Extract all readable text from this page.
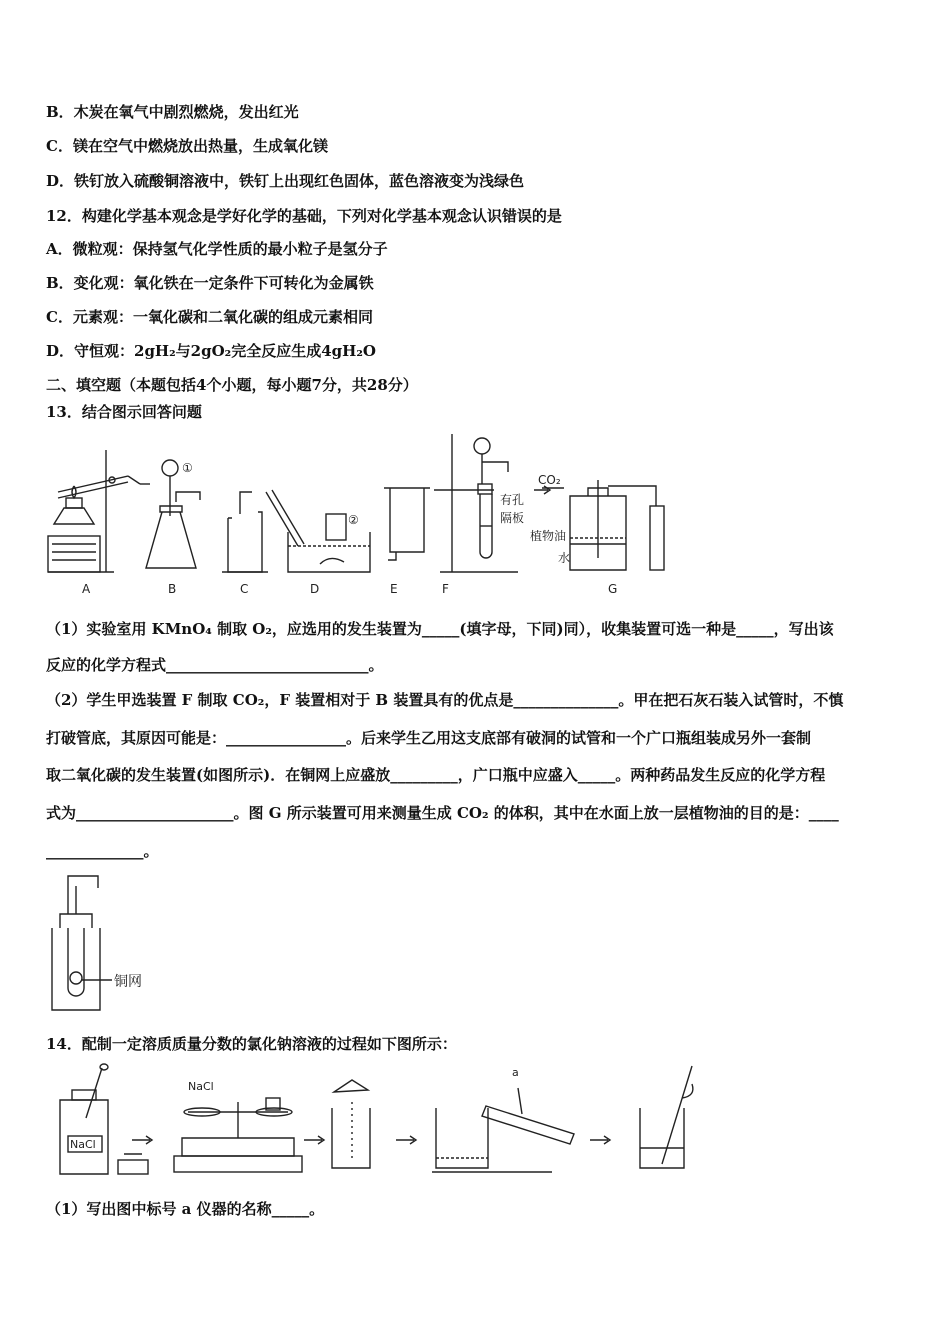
B．木炭在氧气中剧烈燃烧，发出红光
C．镁在空气中燃烧放出热量，生成氧化镁
D．铁钉放入硫酸铜溶液中，铁钉上出现红色固体，蓝色溶液变为浅绿色
12．构建化学基本观念是学好化学的基础，下列对化学基本观念认识错误的是
A．微粒观：保持氢气化学性质的最小粒子是氢分子
B．变化观：氧化铁在一定条件下可转化为金属铁
C．元素观：一氧化碳和二氧化碳的组成元素相同
D．守恒观：2gH₂与2gO₂完全反应生成4gH₂O
二、填空题（本题包括4个小题，每小题7分，共28分）
13．结合图示回答问题
A	B	C	D	E	F	G
①
②
有孔
隔板
植物油
水
CO₂
（1）实验室用 KMnO₄ 制取 O₂，应选用的发生装置为_____(填字母，下同)同），收集装置可选一种是_____，写出该
反应的化学方程式___________________________。
（2）学生甲选装置 F 制取 CO₂，F 装置相对于 B 装置具有的优点是______________。甲在把石灰石装入试管时，不慎
打破管底，其原因可能是：________________。后来学生乙用这支底部有破洞的试管和一个广口瓶组装成另外一套制
取二氧化碳的发生装置(如图所示)．在铜网上应盛放_________，广口瓶中应盛入_____。两种药品发生反应的化学方程
式为_____________________。图 G 所示装置可用来测量生成 CO₂ 的体积，其中在水面上放一层植物油的目的是：____
_____________。
铜网
14．配制一定溶质质量分数的氯化钠溶液的过程如下图所示：
NaCl
NaCl
a
（1）写出图中标号 a 仪器的名称_____。
